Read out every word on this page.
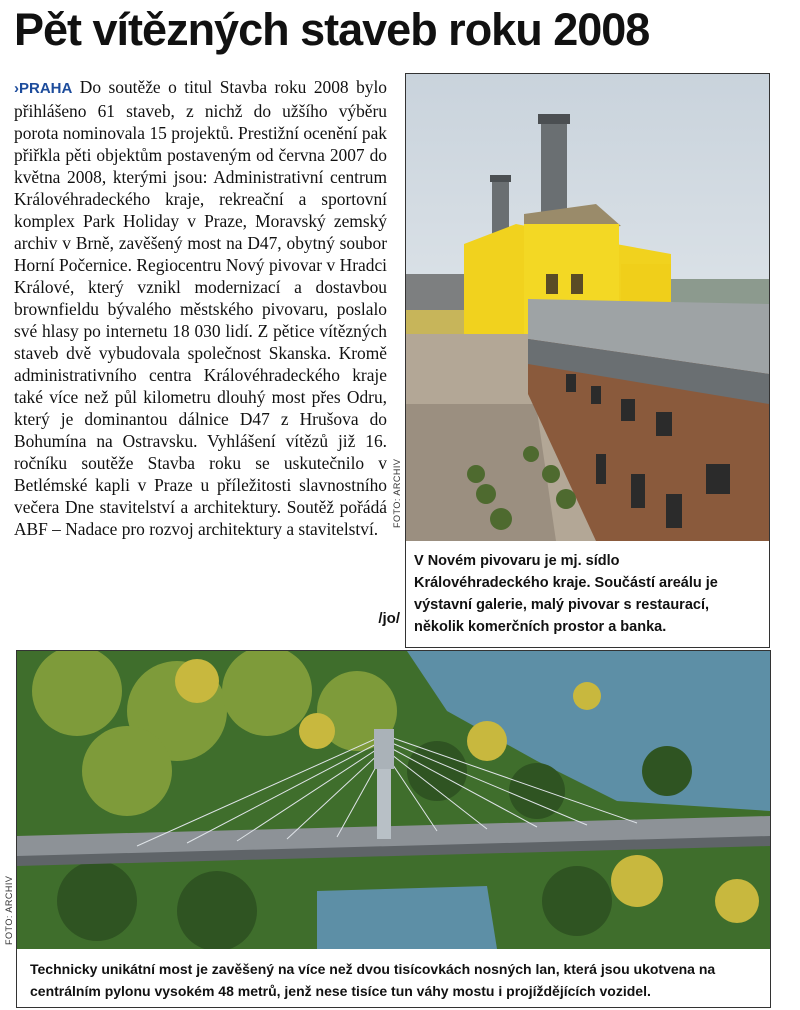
Pět vítězných staveb roku 2008
›PRAHA Do soutěže o titul Stavba roku 2008 bylo přihlášeno 61 staveb, z nichž do užšího výběru porota nominovala 15 projektů. Prestižní ocenění pak přiřkla pěti objektům postaveným od června 2007 do května 2008, kterými jsou: Administrativní centrum Královéhradeckého kraje, rekreační a sportovní komplex Park Holiday v Praze, Moravský zemský archiv v Brně, zavěšený most na D47, obytný soubor Horní Počernice. Regiocentru Nový pivovar v Hradci Králové, který vznikl modernizací a dostavbou brownfieldu bývalého městského pivovaru, poslalo své hlasy po internetu 18 030 lidí. Z pětice vítězných staveb dvě vybudovala společnost Skanska. Kromě administrativního centra Královéhradeckého kraje také více než půl kilometru dlouhý most přes Odru, který je dominantou dálnice D47 z Hrušova do Bohumína na Ostravsku. Vyhlášení vítězů již 16. ročníku soutěže Stavba roku se uskutečnilo v Betlémské kapli v Praze u příležitosti slavnostního večera Dne stavitelství a architektury. Soutěž pořádá ABF – Nadace pro rozvoj architektury a stavitelství.
/jo/
FOTO: ARCHIV
V Novém pivovaru je mj. sídlo Královéhradeckého kraje. Součástí areálu je výstavní galerie, malý pivovar s restaurací, několik komerčních prostor a banka.
FOTO: ARCHIV
Technicky unikátní most je zavěšený na více než dvou tisícovkách nosných lan, která jsou ukotvena na centrálním pylonu vysokém 48 metrů, jenž nese tisíce tun váhy mostu i projíždějících vozidel.
